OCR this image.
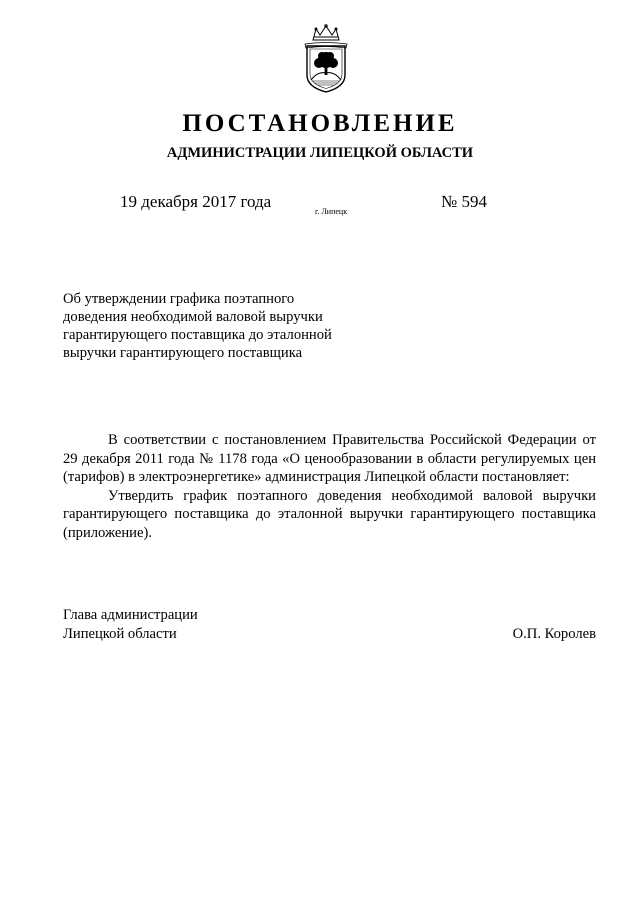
ПОСТАНОВЛЕНИЕ
АДМИНИСТРАЦИИ ЛИПЕЦКОЙ ОБЛАСТИ
19 декабря 2017 года
г. Липецк
№ 594
Об утверждении графика поэтапного
доведения необходимой валовой выручки
гарантирующего поставщика до эталонной
выручки гарантирующего поставщика
В соответствии с постановлением Правительства Российской Федерации от
29 декабря 2011 года № 1178 года «О ценообразовании в области регулируемых цен
(тарифов) в электроэнергетике» администрация Липецкой области постановляет:
Утвердить график поэтапного доведения необходимой валовой выручки
гарантирующего поставщика до эталонной выручки гарантирующего поставщика
(приложение).
Глава администрации
Липецкой области	О.П. Королев
